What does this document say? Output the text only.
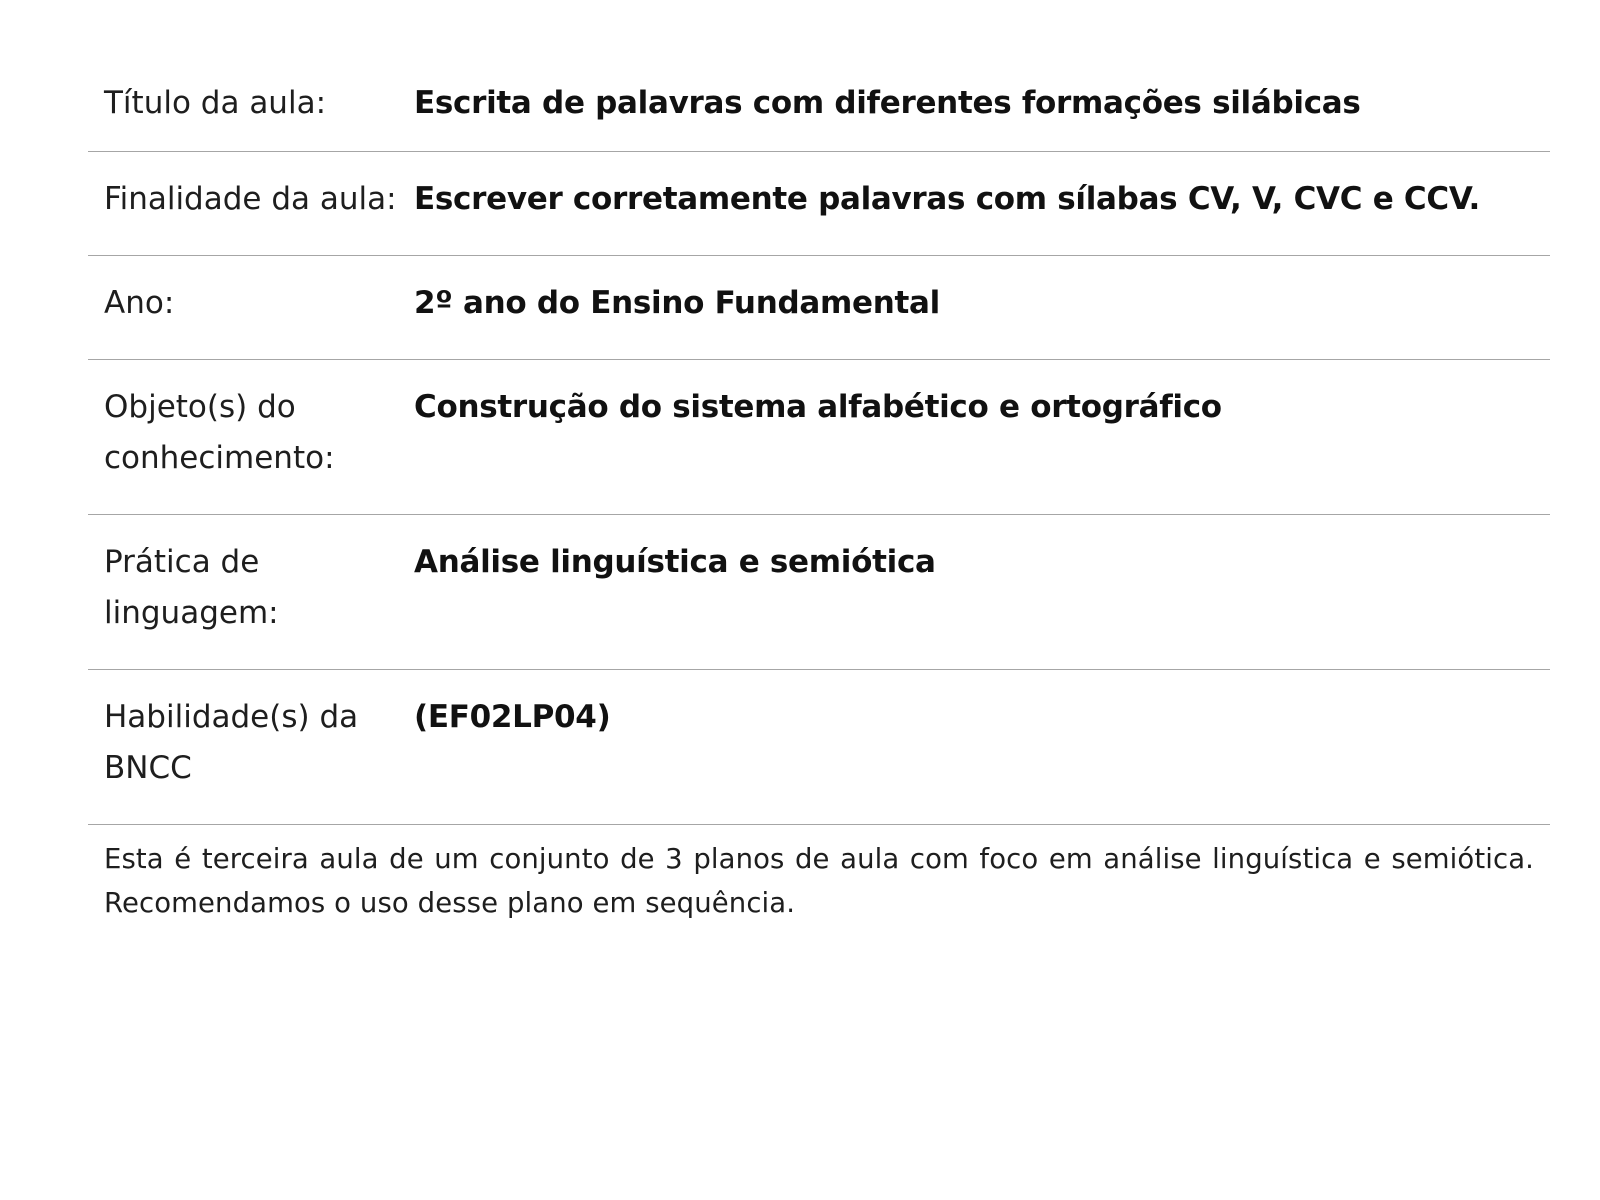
Título da aula:	Escrita de palavras com diferentes formações silábicas
Finalidade da aula:	Escrever corretamente palavras com sílabas CV, V, CVC e CCV.
Ano:	2º ano do Ensino Fundamental
Objeto(s) do conhecimento:	Construção do sistema alfabético e ortográfico
Prática de linguagem:	Análise linguística e semiótica
Habilidade(s) da BNCC	(EF02LP04)

Esta é terceira aula de um conjunto de 3 planos de aula com foco em análise linguística e semiótica. Recomendamos o uso desse plano em sequência.
